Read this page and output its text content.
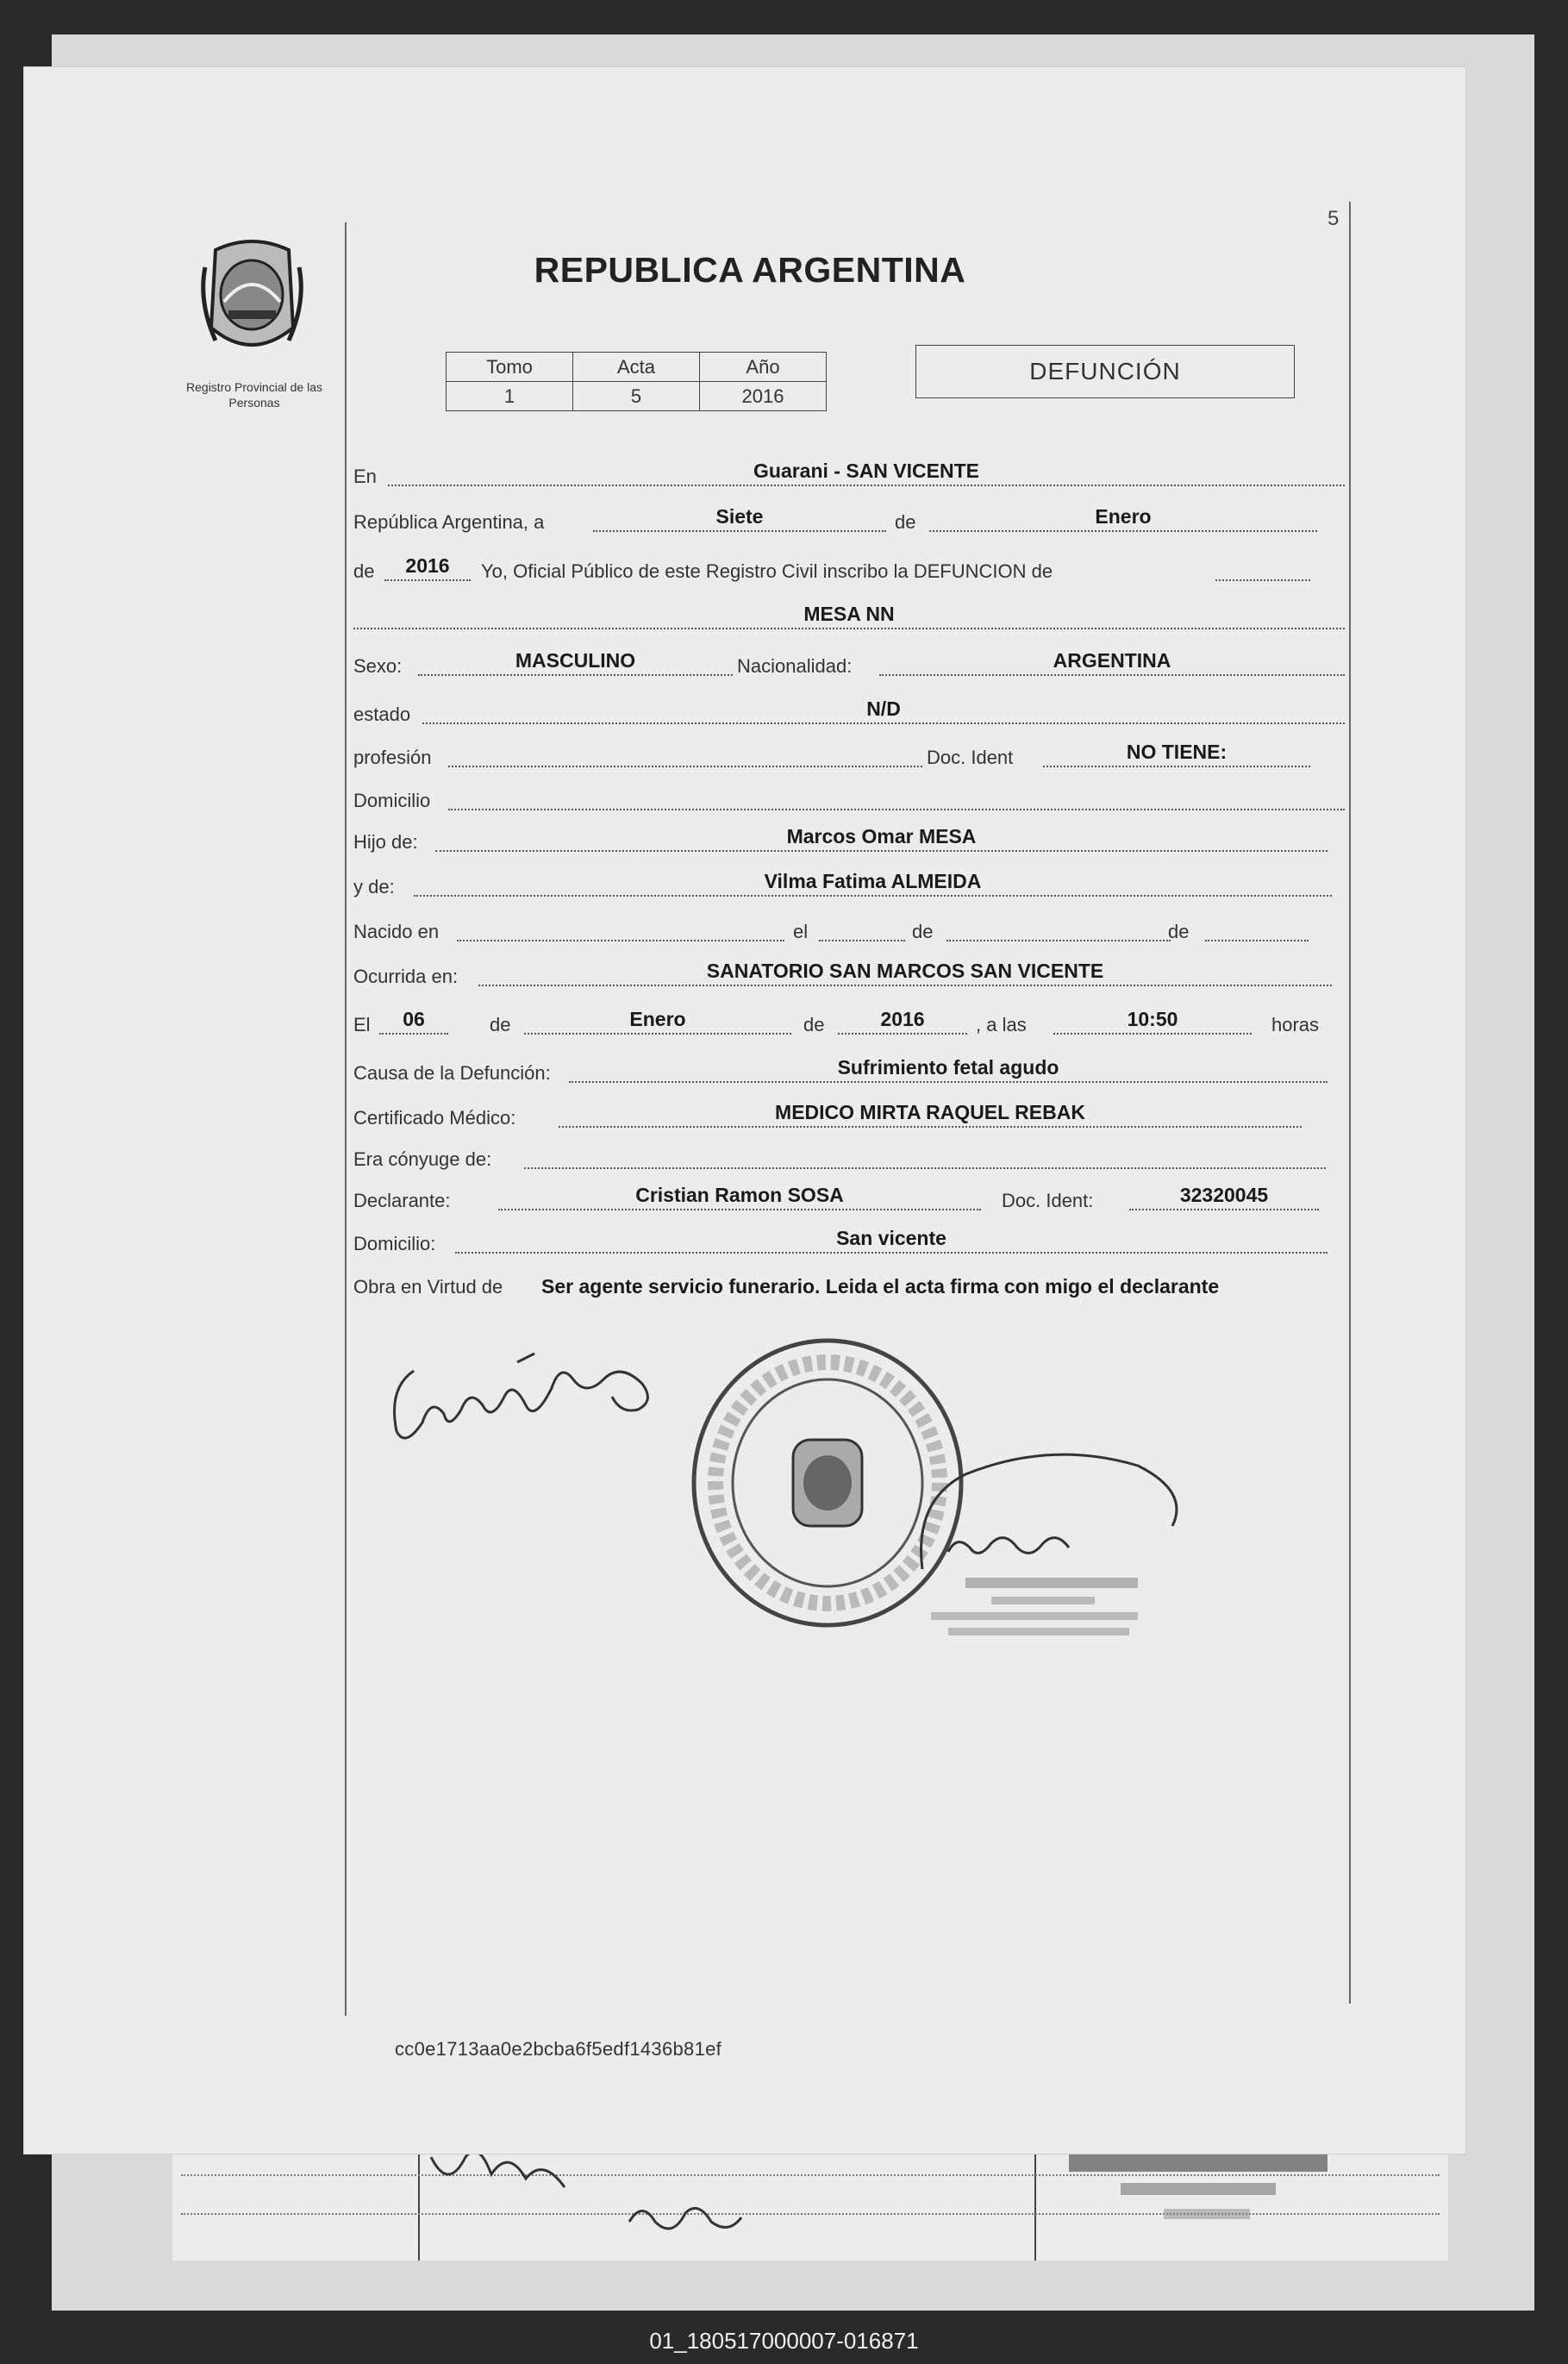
5
Registro Provincial de las Personas
REPUBLICA ARGENTINA
Tomo	Acta	Año
1	5	2016
DEFUNCIÓN
En	Guarani - SAN VICENTE
República Argentina, a	Siete	de	Enero
de	2016	Yo, Oficial Público de este Registro Civil inscribo la DEFUNCION de
MESA NN
Sexo:	MASCULINO	Nacionalidad:	ARGENTINA
estado	N/D
profesión	Doc. Ident	NO TIENE:
Domicilio
Hijo de:	Marcos Omar MESA
y de:	Vilma Fatima ALMEIDA
Nacido en	el	de	de
Ocurrida en:	SANATORIO SAN MARCOS SAN VICENTE
El	06	de	Enero	de	2016	, a las	10:50	horas
Causa de la Defunción:	Sufrimiento fetal agudo
Certificado Médico:	MEDICO MIRTA RAQUEL REBAK
Era cónyuge de:
Declarante:	Cristian Ramon SOSA	Doc. Ident:	32320045
Domicilio:	San vicente
Obra en Virtud de Ser agente servicio funerario. Leida el acta firma con migo el declarante
cc0e1713aa0e2bcba6f5edf1436b81ef
01_180517000007-016871
